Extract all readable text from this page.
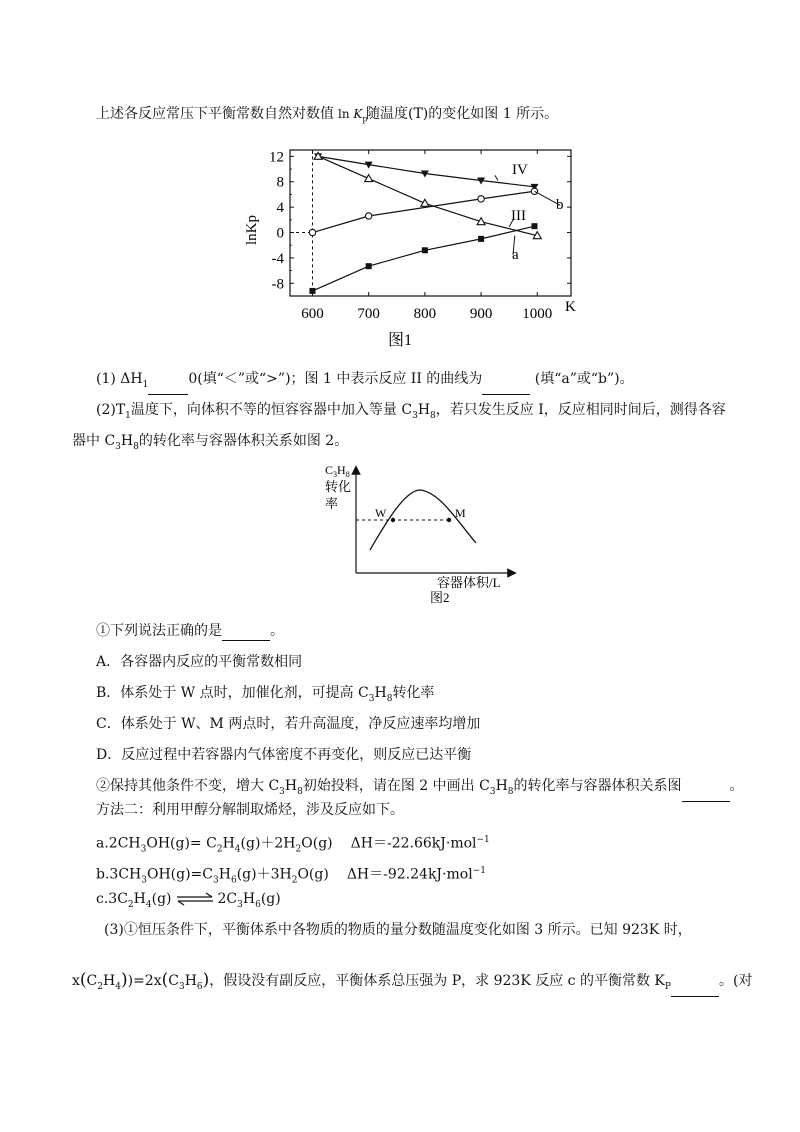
上述各反应常压下平衡常数自然对数值 $\ln K_p$
随温度(T)的变化如图 1 所示。
600 700 800 900 1000
12
8
4
0
-4
-8
IV
III
b
a
lnKp
K
图1
(1) $\Delta H_1$	0(填“＜”或“>”)；图 1 中表示反应 II 的曲线为	(填“a”或“b”)。
$(2)T_1$温度下，向体积不等的恒容容器中加入等量 $C_3H_8$，若只发生反应 I，反应相同时间后，测得各容
器中 $C_3H_8$的转化率与容器体积关系如图 2。
W	M
$C_3H_8$
转化
率
容器体积/L
图2
①下列说法正确的是	。
A．各容器内反应的平衡常数相同
B．体系处于 W 点时，加催化剂，可提高 $C_3H_8$转化率
C．体系处于 W、M 两点时，若升高温度，净反应速率均增加
D．反应过程中若容器内气体密度不再变化，则反应已达平衡
②保持其他条件不变，增大 $C_3H_8$初始投料，请在图 2 中画出 $C_3H_8$的转化率与容器体积关系图	。
方法二：利用甲醇分解制取烯烃，涉及反应如下。
$a.2CH_3OH(g)= C_2H_4(g)+2H_2O(g)$ ΔH＝-22.66kJ·mol$^{-1}$
$b.3CH_3OH(g)=C_3H_6(g)+3H_2O(g)$ ΔH＝-92.24kJ·mol$^{-1}$
$c.3C_2H_4(g)$ ⇌ $2C_3H_6(g)$
(3)①恒压条件下，平衡体系中各物质的物质的量分数随温度变化如图 3 所示。已知 923K 时，
$x(C_2H_4))=2x(C_3H_6)$，假设没有副反应，平衡体系总压强为 P，求 923K 反应 c 的平衡常数 $K_P$	。(对
